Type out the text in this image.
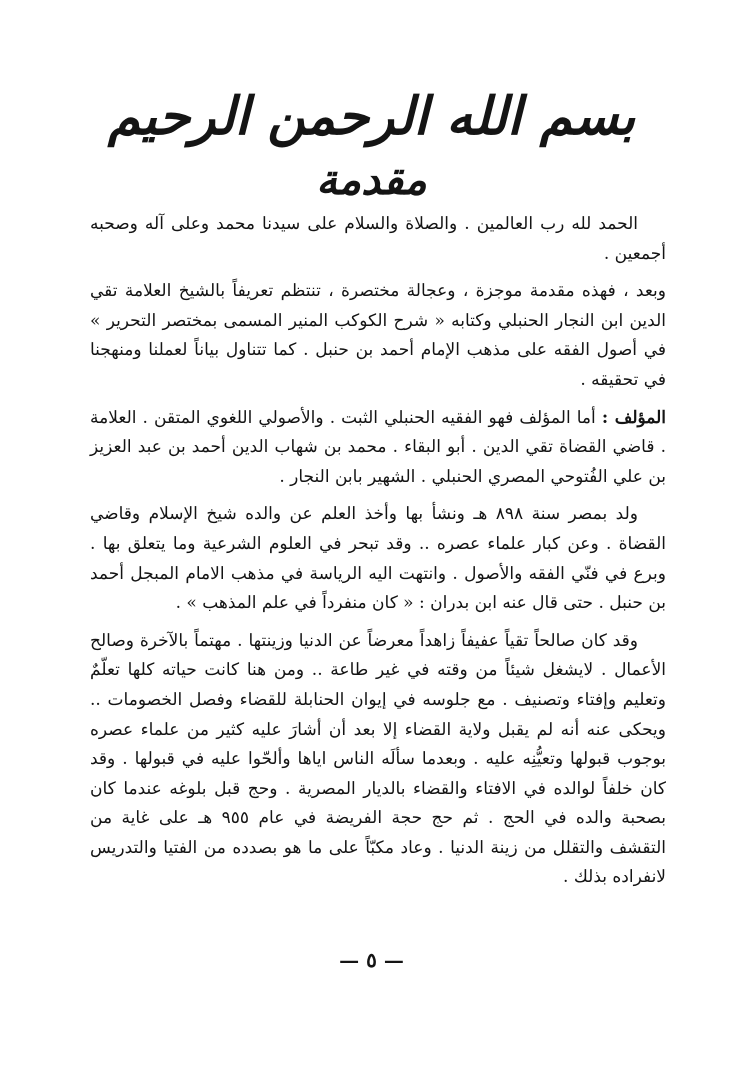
بسم الله الرحمن الرحيم
مقدمة

الحمد لله رب العالمين . والصلاة والسلام على سيدنا محمد وعلى آله وصحبه أجمعين .

وبعد ، فهذه مقدمة موجزة ، وعجالة مختصرة ، تنتظم تعريفاً بالشيخ العلامة تقي الدين ابن النجار الحنبلي وكتابه « شرح الكوكب المنير المسمى بمختصر التحرير » في أصول الفقه على مذهب الإمام أحمد بن حنبل . كما تتناول بياناً لعملنا ومنهجنا في تحقيقه .

المؤلف : أما المؤلف فهو الفقيه الحنبلي الثبت . والأصولي اللغوي المتقن . العلامة . قاضي القضاة تقي الدين . أبو البقاء . محمد بن شهاب الدين أحمد بن عبد العزيز بن علي الفُتوحي المصري الحنبلي . الشهير بابن النجار .

ولد بمصر سنة ٨٩٨ هـ ونشأ بها وأخذ العلم عن والده شيخ الإسلام وقاضي القضاة . وعن كبار علماء عصره .. وقد تبحر في العلوم الشرعية وما يتعلق بها . وبرع في فنّي الفقه والأصول . وانتهت اليه الرياسة في مذهب الامام المبجل أحمد بن حنبل . حتى قال عنه ابن بدران : « كان منفرداً في علم المذهب » .

وقد كان صالحاً تقياً عفيفاً زاهداً معرضاً عن الدنيا وزينتها . مهتماً بالآخرة وصالح الأعمال . لايشغل شيئاً من وقته في غير طاعة .. ومن هنا كانت حياته كلها تعلّمٌ وتعليم وإفتاء وتصنيف . مع جلوسه في إيوان الحنابلة للقضاء وفصل الخصومات .. ويحكى عنه أنه لم يقبل ولاية القضاء إلا بعد أن أشارَ عليه كثير من علماء عصره بوجوب قبولها وتعيُّنِه عليه . وبعدما سألَه الناس اياها وألحّوا عليه في قبولها . وقد كان خلفاً لوالده في الافتاء والقضاء بالديار المصرية . وحج قبل بلوغه عندما كان بصحبة والده في الحج . ثم حج حجة الفريضة في عام ٩٥٥ هـ على غاية من التقشف والتقلل من زينة الدنيا . وعاد مكبّاً على ما هو بصدده من الفتيا والتدريس لانفراده بذلك .

— ٥ —
